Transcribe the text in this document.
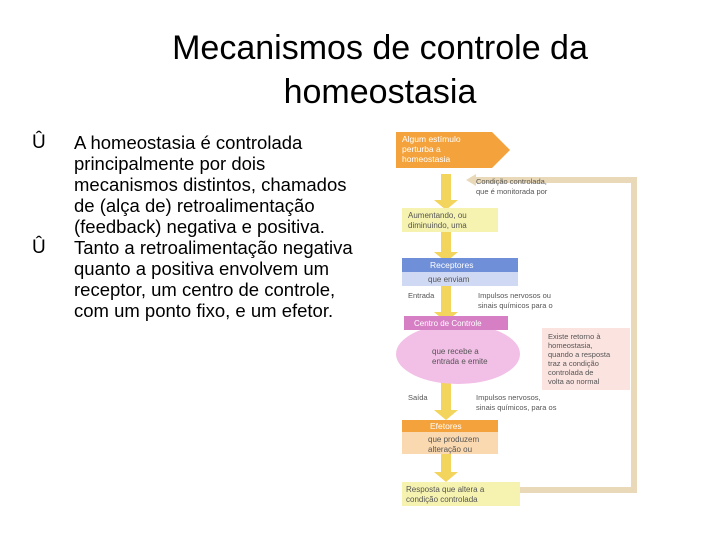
Mecanismos de controle da
homeostasia
Û A homeostasia é controlada principalmente por dois mecanismos distintos, chamados de (alça de) retroalimentação (feedback) negativa e positiva.
Û Tanto a retroalimentação negativa quanto a positiva envolvem um receptor, um centro de controle, com um ponto fixo, e um efetor.
Algum estímulo
perturba a
homeostasia
Condição controlada,
que é monitorada por
Aumentando, ou
diminuindo, uma
Receptores
que enviam
Entrada	Impulsos nervosos ou
sinais químicos para o
Centro de Controle
que recebe a
entrada e emite
Existe retorno à
homeostasia,
quando a resposta
traz a condição
controlada de
volta ao normal
Saída	Impulsos nervosos,
sinais químicos, para os
Efetores
que produzem
alteração ou
Resposta que altera a
condição controlada
